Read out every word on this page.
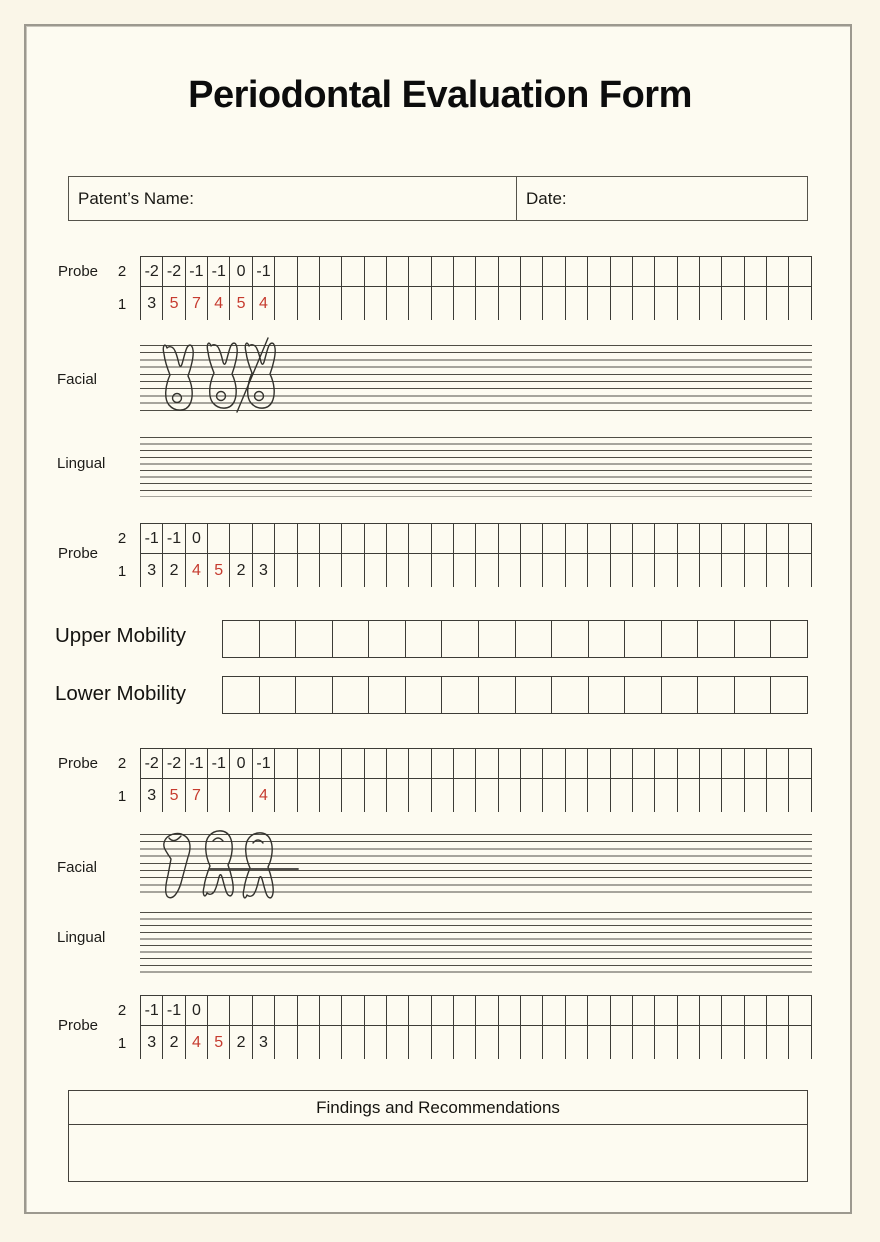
Periodontal Evaluation Form
Patent’s Name:	Date:
Probe 2
1
-2 -2 -1 -1 0 -1
3 5 7 4 5 4
Facial
Lingual
Probe
2
1
-1 -1 0
3 2 4 5 2 3
Upper Mobility
Lower Mobility
Probe 2
1
-2 -2 -1 -1 0 -1
3 5 7	4
Facial
Lingual
Probe
2
1
-1 -1 0
3 2 4 5 2 3
Findings and Recommendations
